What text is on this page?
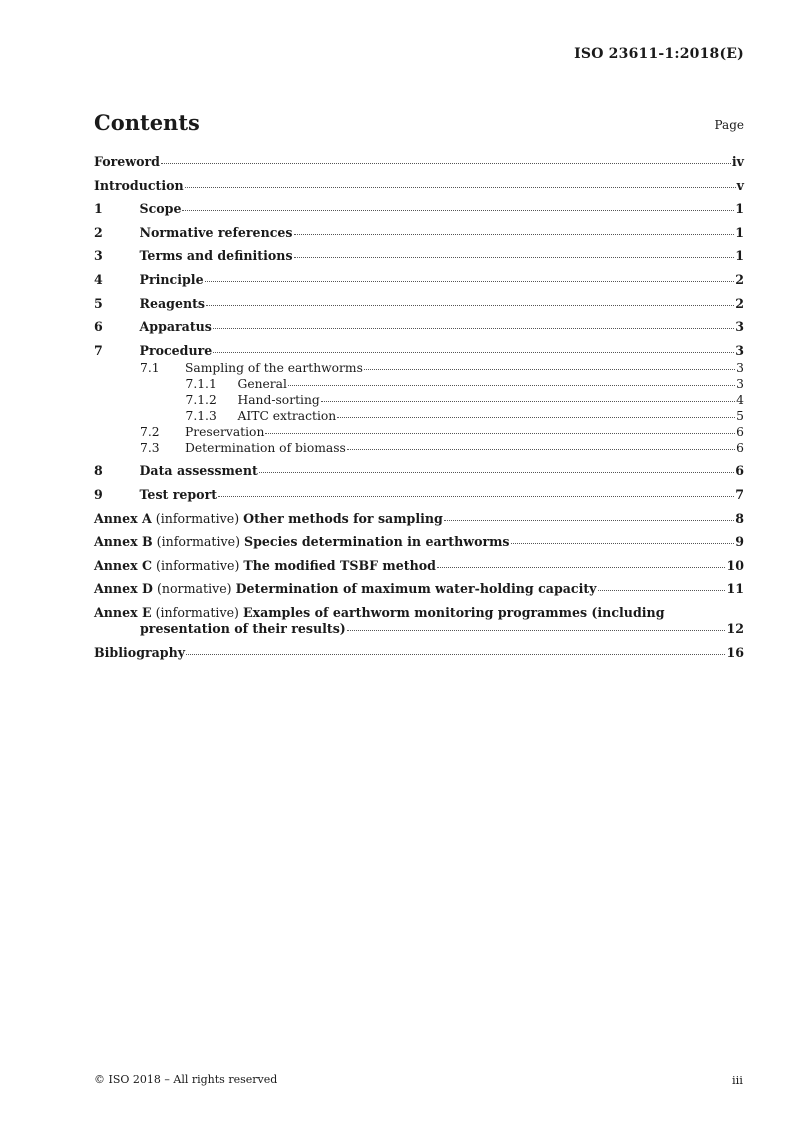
ISO 23611-1:2018(E)
Contents	Page
Foreword	iv
Introduction	v
1	Scope	1
2	Normative references	1
3	Terms and definitions	1
4	Principle	2
5	Reagents	2
6	Apparatus	3
7	Procedure	3
7.1	Sampling of the earthworms	3
7.1.1	General	3
7.1.2	Hand-sorting	4
7.1.3	AITC extraction	5
7.2	Preservation	6
7.3	Determination of biomass	6
8	Data assessment	6
9	Test report	7
Annex A (informative) Other methods for sampling	8
Annex B (informative) Species determination in earthworms	9
Annex C (informative) The modified TSBF method	10
Annex D (normative) Determination of maximum water-holding capacity	11
Annex E (informative) Examples of earthworm monitoring programmes (including
presentation of their results)	12
Bibliography	16
© ISO 2018 – All rights reserved	iii
